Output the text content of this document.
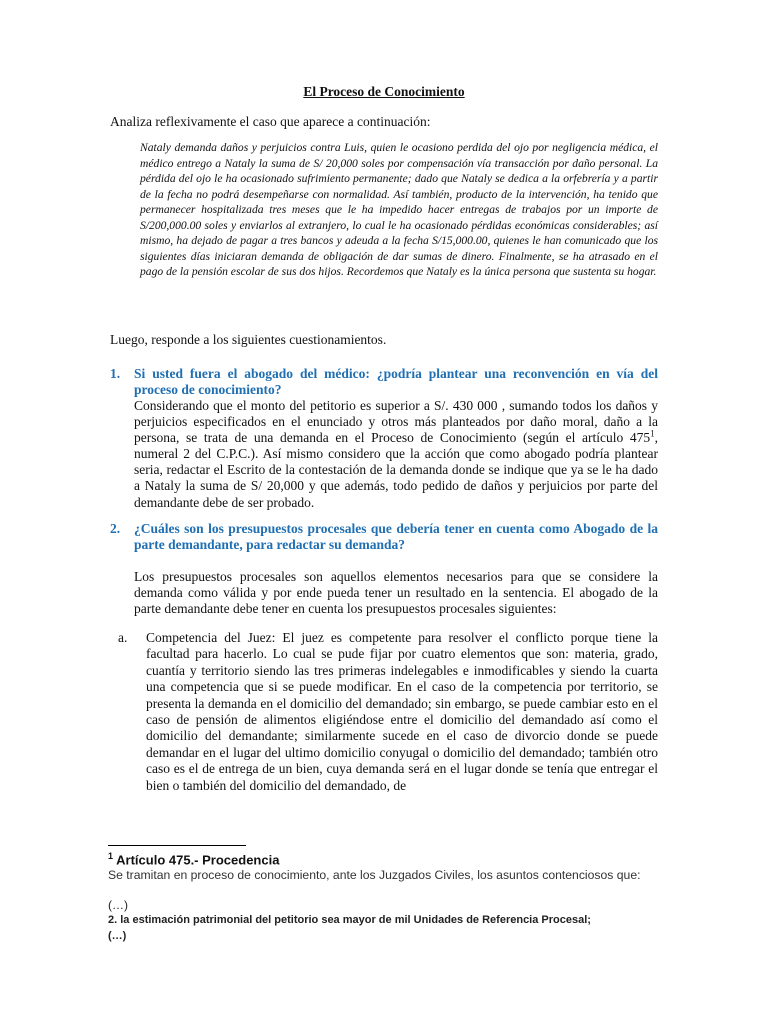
El Proceso de Conocimiento
Analiza reflexivamente el caso que aparece a continuación:

Nataly demanda daños y perjuicios contra Luis, quien le ocasiono perdida del ojo por negligencia médica, el médico entrego a Nataly la suma de S/ 20,000 soles por compensación vía transacción por daño personal. La pérdida del ojo le ha ocasionado sufrimiento permanente; dado que Nataly se dedica a la orfebrería y a partir de la fecha no podrá desempeñarse con normalidad. Así también, producto de la intervención, ha tenido que permanecer hospitalizada tres meses que le ha impedido hacer entregas de trabajos por un importe de S/200,000.00 soles y enviarlos al extranjero, lo cual le ha ocasionado pérdidas económicas considerables; así mismo, ha dejado de pagar a tres bancos y adeuda a la fecha S/15,000.00, quienes le han comunicado que los siguientes días iniciaran demanda de obligación de dar sumas de dinero. Finalmente, se ha atrasado en el pago de la pensión escolar de sus dos hijos. Recordemos que Nataly es la única persona que sustenta su hogar.

Luego, responde a los siguientes cuestionamientos.
1.	Si usted fuera el abogado del médico: ¿podría plantear una reconvención en vía del proceso de conocimiento?

Considerando que el monto del petitorio es superior a S/. 430 000 , sumando todos los daños y perjuicios especificados en el enunciado y otros más planteados por daño moral, daño a la persona, se trata de una demanda en el Proceso de Conocimiento (según el artículo $475^1$, numeral 2 del C.P.C.). Así mismo considero que la acción que como abogado podría plantear seria, redactar el Escrito de la contestación de la demanda donde se indique que ya se le ha dado a Nataly la suma de S/ 20,000 y que además, todo pedido de daños y perjuicios por parte del demandante debe de ser probado.

2.	¿Cuáles son los presupuestos procesales que debería tener en cuenta como Abogado de la parte demandante, para redactar su demanda?

Los presupuestos procesales son aquellos elementos necesarios para que se considere la demanda como válida y por ende pueda tener un resultado en la sentencia. El abogado de la parte demandante debe tener en cuenta los presupuestos procesales siguientes:

a.	Competencia del Juez: El juez es competente para resolver el conflicto porque tiene la facultad para hacerlo. Lo cual se pude fijar por cuatro elementos que son: materia, grado, cuantía y territorio siendo las tres primeras indelegables e inmodificables y siendo la cuarta una competencia que si se puede modificar. En el caso de la competencia por territorio, se presenta la demanda en el domicilio del demandado; sin embargo, se puede cambiar esto en el caso de pensión de alimentos eligiéndose entre el domicilio del demandado así como el domicilio del demandante; similarmente sucede en el caso de divorcio donde se puede demandar en el lugar del ultimo domicilio conyugal o domicilio del demandado; también otro caso es el de entrega de un bien, cuya demanda será en el lugar donde se tenía que entregar el bien o también del domicilio del demandado, de
$^1$ Artículo 475.- Procedencia

Se tramitan en proceso de conocimiento, ante los Juzgados Civiles, los asuntos contenciosos que:

(…)
2. la estimación patrimonial del petitorio sea mayor de mil Unidades de Referencia Procesal;
(…)
